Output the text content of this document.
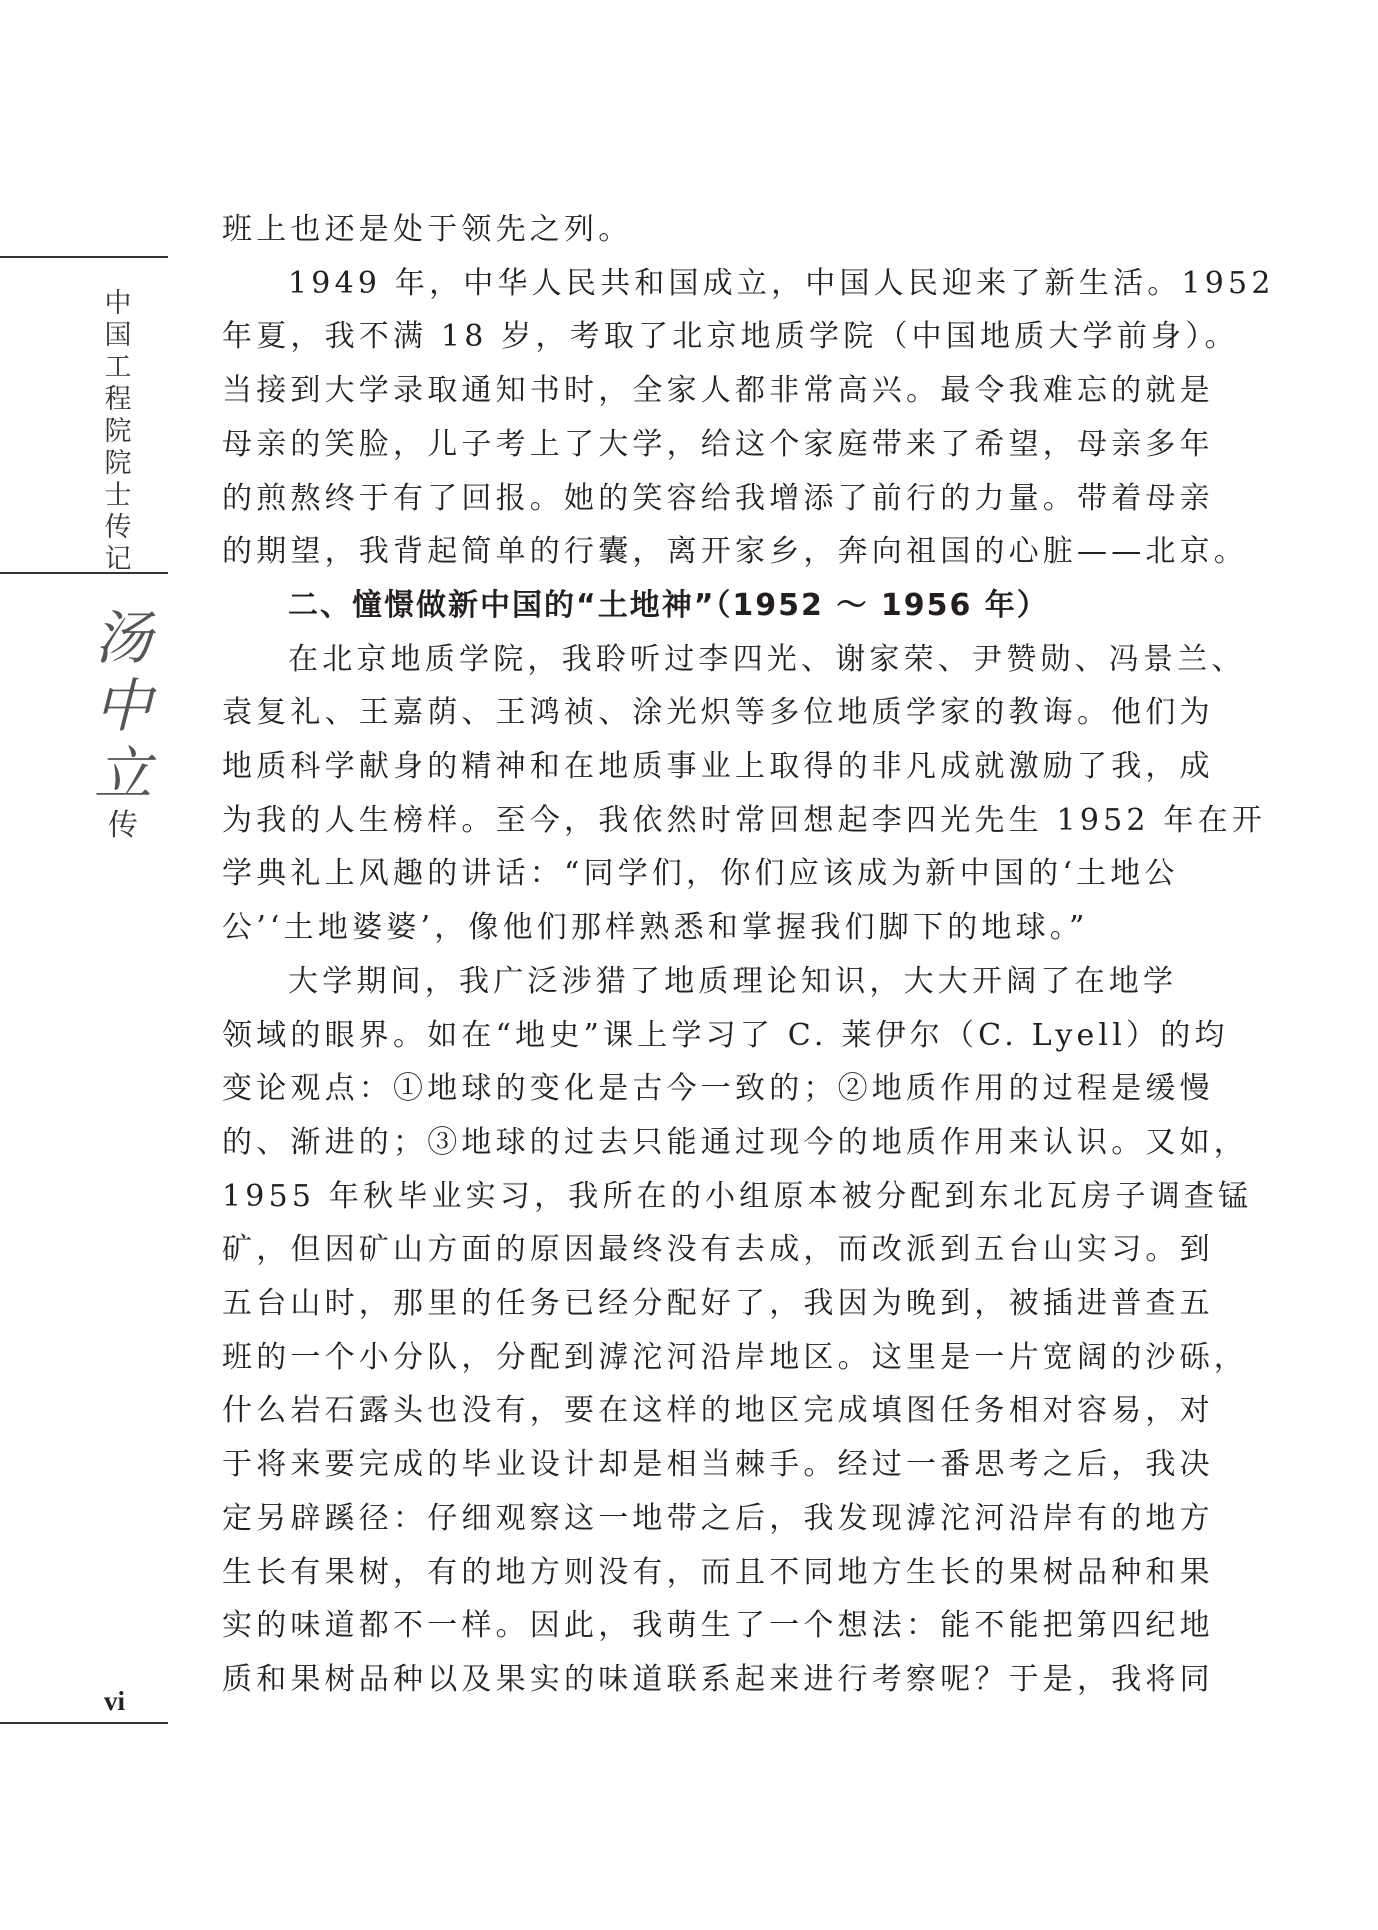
中国工程院院士传记
汤中立
传
vi

班上也还是处于领先之列。

1949 年，中华人民共和国成立，中国人民迎来了新生活。1952
年夏，我不满 18 岁，考取了北京地质学院（中国地质大学前身）。
当接到大学录取通知书时，全家人都非常高兴。最令我难忘的就是
母亲的笑脸，儿子考上了大学，给这个家庭带来了希望，母亲多年
的煎熬终于有了回报。她的笑容给我增添了前行的力量。带着母亲
的期望，我背起简单的行囊，离开家乡，奔向祖国的心脏——北京。

二、憧憬做新中国的“土地神”（1952 ～ 1956 年）

在北京地质学院，我聆听过李四光、谢家荣、尹赞勋、冯景兰、
袁复礼、王嘉荫、王鸿祯、涂光炽等多位地质学家的教诲。他们为
地质科学献身的精神和在地质事业上取得的非凡成就激励了我，成
为我的人生榜样。至今，我依然时常回想起李四光先生 1952 年在开
学典礼上风趣的讲话：“同学们，你们应该成为新中国的‘土地公
公’‘土地婆婆’，像他们那样熟悉和掌握我们脚下的地球。”

大学期间，我广泛涉猎了地质理论知识，大大开阔了在地学
领域的眼界。如在“地史”课上学习了 C. 莱伊尔（C. Lyell）的均
变论观点：①地球的变化是古今一致的；②地质作用的过程是缓慢
的、渐进的；③地球的过去只能通过现今的地质作用来认识。又如，
1955 年秋毕业实习，我所在的小组原本被分配到东北瓦房子调查锰
矿，但因矿山方面的原因最终没有去成，而改派到五台山实习。到
五台山时，那里的任务已经分配好了，我因为晚到，被插进普查五
班的一个小分队，分配到滹沱河沿岸地区。这里是一片宽阔的沙砾，
什么岩石露头也没有，要在这样的地区完成填图任务相对容易，对
于将来要完成的毕业设计却是相当棘手。经过一番思考之后，我决
定另辟蹊径：仔细观察这一地带之后，我发现滹沱河沿岸有的地方
生长有果树，有的地方则没有，而且不同地方生长的果树品种和果
实的味道都不一样。因此，我萌生了一个想法：能不能把第四纪地
质和果树品种以及果实的味道联系起来进行考察呢？于是，我将同
